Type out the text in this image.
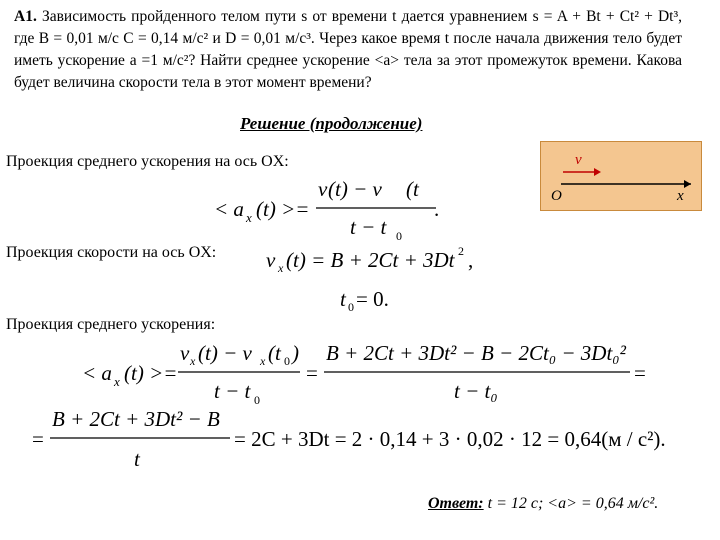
А1. Зависимость пройденного телом пути s от времени t дается уравнением s = A + Bt + Ct² + Dt³, где B = 0,01 м/с C = 0,14 м/с² и D = 0,01 м/с³. Через какое время t после начала движения тело будет иметь ускорение a =1 м/с²? Найти среднее ускорение <a> тела за этот промежуток времени. Какова будет величина скорости тела в этот момент времени?
Решение (продолжение)
Проекция среднего ускорения на ось OX:	v
O	x
< a x (t) >=
v (t) − v (t
t − t 0
.
Проекция скорости на ось OX: v x (t) = B + 2Ct + 3Dt 2 ,
t 0 = 0.
Проекция среднего ускорения:
< a x (t) >=
v x (t) − v x (t 0 )
t − t 0
=
B + 2Ct + 3Dt² − B − 2Ct₀ − 3Dt₀²
t − t₀
=
=
B + 2Ct + 3Dt² − B
t
= 2C + 3Dt = 2 · 0,14 + 3 · 0,02 · 12 = 0,64(м / c²).
Ответ: t = 12 с; <a> = 0,64 м/с².
